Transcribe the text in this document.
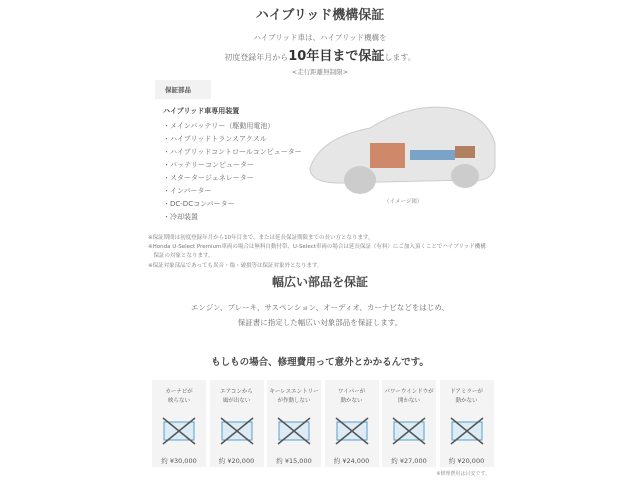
ハイブリッド機構保証
ハイブリッド車は、ハイブリッド機構を
初度登録年月から10年目まで保証します。
<走行距離無制限>
保証部品
ハイブリッド車専用装置
・メインバッテリー（駆動用電池）
・ハイブリッドトランスアクスル
・ハイブリッドコントロールコンピューター
・バッテリーコンピューター
・スタータージェネレーター
・インバーター
・DC-DCコンバーター
・冷却装置
（イメージ図）
※保証期間は初度登録年月から10年目まで、または延長保証期限までの長い方となります。
※Honda U-Select Premium車両の場合は無料自動付帯、U-Select車両の場合は延長保証（有料）にご加入頂くことでハイブリッド機構
　保証の対象となります。
※保証対象部品であっても異音・傷・破損等は保証対象外となります。
幅広い部品を保証
エンジン、ブレーキ、サスペンション、オーディオ、カーナビなどをはじめ、
保証書に指定した幅広い対象部品を保証します。
もしもの場合、修理費用って意外とかかるんです。
カーナビが
映らない
約 ¥30,000
エアコンから
風が出ない
約 ¥20,000
キーレスエントリー
が作動しない
約 ¥15,000
ワイパーが
動かない
約 ¥24,000
パワーウインドウが
開かない
約 ¥27,000
ドアミラーが
動かない
約 ¥20,000
※修理費用は目安です。
